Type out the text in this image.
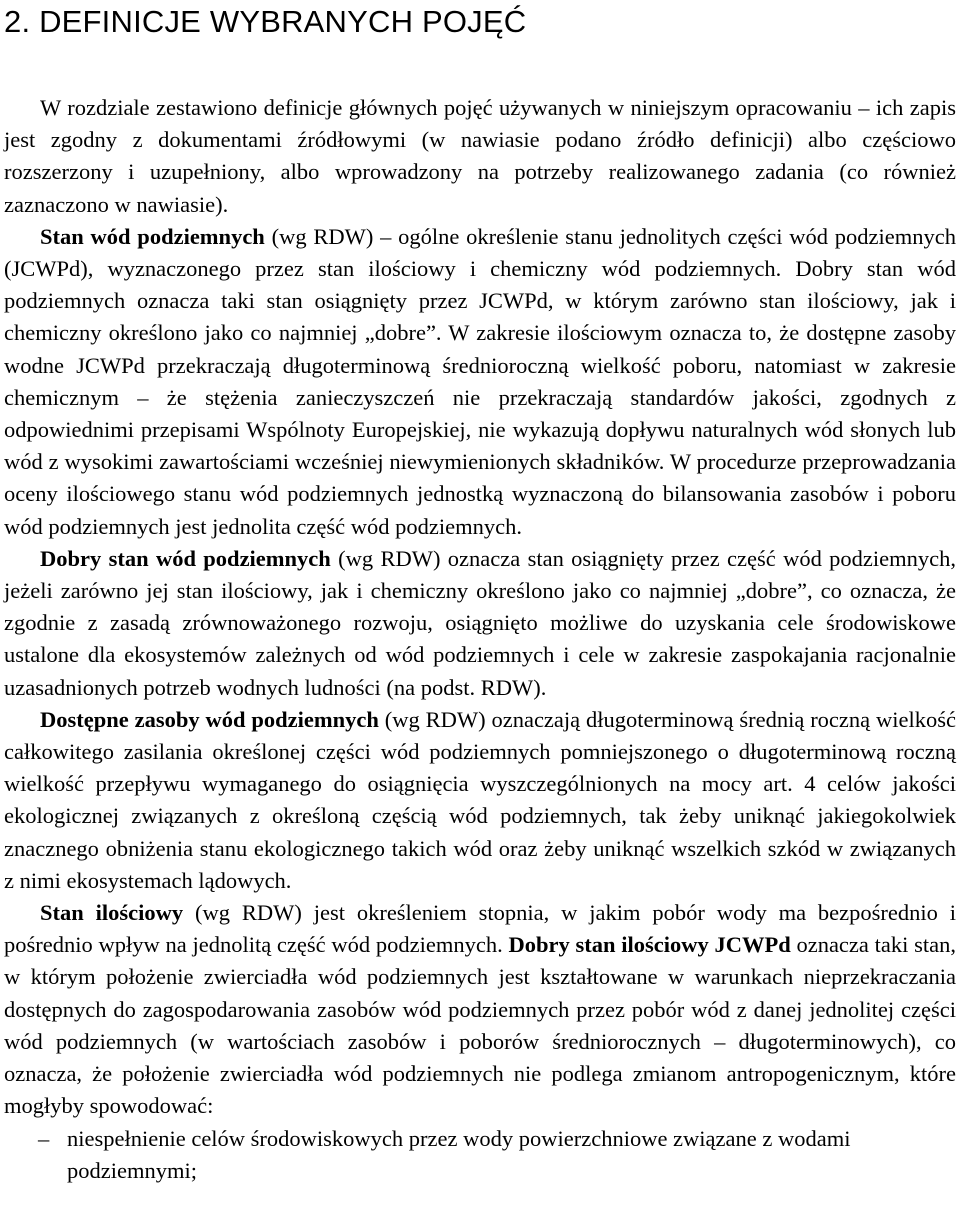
2. DEFINICJE WYBRANYCH POJĘĆ

W rozdziale zestawiono definicje głównych pojęć używanych w niniejszym opracowaniu – ich zapis jest zgodny z dokumentami źródłowymi (w nawiasie podano źródło definicji) albo częściowo rozszerzony i uzupełniony, albo wprowadzony na potrzeby realizowanego zadania (co również zaznaczono w nawiasie).

Stan wód podziemnych (wg RDW) – ogólne określenie stanu jednolitych części wód podziemnych (JCWPd), wyznaczonego przez stan ilościowy i chemiczny wód podziemnych. Dobry stan wód podziemnych oznacza taki stan osiągnięty przez JCWPd, w którym zarówno stan ilościowy, jak i chemiczny określono jako co najmniej „dobre”. W zakresie ilościowym oznacza to, że dostępne zasoby wodne JCWPd przekraczają długoterminową średnioroczną wielkość poboru, natomiast w zakresie chemicznym – że stężenia zanieczyszczeń nie przekraczają standardów jakości, zgodnych z odpowiednimi przepisami Wspólnoty Europejskiej, nie wykazują dopływu naturalnych wód słonych lub wód z wysokimi zawartościami wcześniej niewymienionych składników. W procedurze przeprowadzania oceny ilościowego stanu wód podziemnych jednostką wyznaczoną do bilansowania zasobów i poboru wód podziemnych jest jednolita część wód podziemnych.

Dobry stan wód podziemnych (wg RDW) oznacza stan osiągnięty przez część wód podziemnych, jeżeli zarówno jej stan ilościowy, jak i chemiczny określono jako co najmniej „dobre”, co oznacza, że zgodnie z zasadą zrównoważonego rozwoju, osiągnięto możliwe do uzyskania cele środowiskowe ustalone dla ekosystemów zależnych od wód podziemnych i cele w zakresie zaspokajania racjonalnie uzasadnionych potrzeb wodnych ludności (na podst. RDW).

Dostępne zasoby wód podziemnych (wg RDW) oznaczają długoterminową średnią roczną wielkość całkowitego zasilania określonej części wód podziemnych pomniejszonego o długoterminową roczną wielkość przepływu wymaganego do osiągnięcia wyszczególnionych na mocy art. 4 celów jakości ekologicznej związanych z określoną częścią wód podziemnych, tak żeby uniknąć jakiegokolwiek znacznego obniżenia stanu ekologicznego takich wód oraz żeby uniknąć wszelkich szkód w związanych z nimi ekosystemach lądowych.

Stan ilościowy (wg RDW) jest określeniem stopnia, w jakim pobór wody ma bezpośrednio i pośrednio wpływ na jednolitą część wód podziemnych. Dobry stan ilościowy JCWPd oznacza taki stan, w którym położenie zwierciadła wód podziemnych jest kształtowane w warunkach nieprzekraczania dostępnych do zagospodarowania zasobów wód podziemnych przez pobór wód z danej jednolitej części wód podziemnych (w wartościach zasobów i poborów średniorocznych – długoterminowych), co oznacza, że położenie zwierciadła wód podziemnych nie podlega zmianom antropogenicznym, które mogłyby spowodować:

– niespełnienie celów środowiskowych przez wody powierzchniowe związane z wodami podziemnymi;
